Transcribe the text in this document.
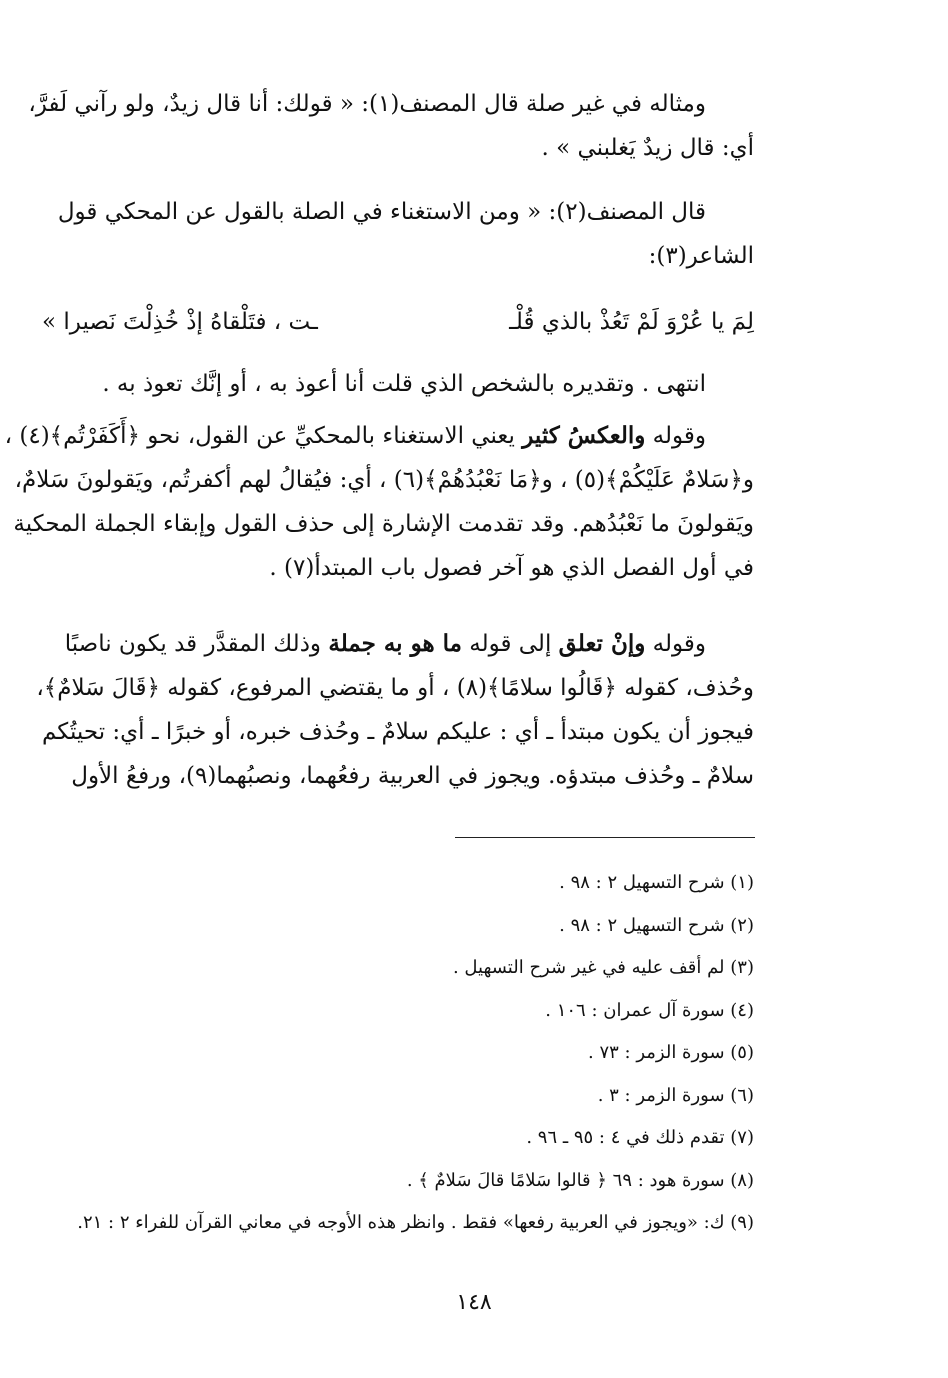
ومثاله في غير صلة قال المصنف(١): « قولك: أنا قال زيدٌ، ولو رآني لَفرَّ،
أي: قال زيدٌ يَغلبني » .
قال المصنف(٢): « ومن الاستغناء في الصلة بالقول عن المحكي قول
الشاعر(٣):
لِمَ يا عُرْوَ لَمْ تَعُذْ بالذي قُلْـ
ـت ، فتَلْقاهُ إذْ خُذِلْتَ نَصيرا »
انتهى . وتقديره بالشخص الذي قلت أنا أعوذ به ، أو إنَّك تعوذ به .
وقوله والعكسُ كثير يعني الاستغناء بالمحكيِّ عن القول، نحو ﴿أَكَفَرْتُم﴾(٤) ،
و﴿سَلامٌ عَلَيْكُمْ﴾(٥) ، و﴿مَا نَعْبُدُهُمْ﴾(٦) ، أي: فيُقالُ لهم أكفرتُم، ويَقولونَ سَلامٌ،
ويَقولونَ ما نَعْبُدُهم. وقد تقدمت الإشارة إلى حذف القول وإبقاء الجملة المحكية
في أول الفصل الذي هو آخر فصول باب المبتدأ(٧) .
وقوله وإنْ تعلق إلى قوله ما هو به جملة وذلك المقدَّر قد يكون ناصبًا
وحُذف، كقوله ﴿قَالُوا سلامًا﴾(٨) ، أو ما يقتضي المرفوع، كقوله ﴿قَالَ سَلامٌ﴾،
فيجوز أن يكون مبتدأ ـ أي : عليكم سلامٌ ـ وحُذف خبره، أو خبرًا ـ أي: تحيتُكم
سلامٌ ـ وحُذف مبتدؤه. ويجوز في العربية رفعُهما، ونصبُهما(٩)، ورفعُ الأول
(١) شرح التسهيل ٢ : ٩٨ .
(٢) شرح التسهيل ٢ : ٩٨ .
(٣) لم أقف عليه في غير شرح التسهيل .
(٤) سورة آل عمران : ١٠٦ .
(٥) سورة الزمر : ٧٣ .
(٦) سورة الزمر : ٣ .
(٧) تقدم ذلك في ٤ : ٩٥ ـ ٩٦ .
(٨) سورة هود : ٦٩ ﴿ قالوا سَلامًا قالَ سَلامٌ ﴾ .
(٩) ك: «ويجوز في العربية رفعها» فقط . وانظر هذه الأوجه في معاني القرآن للفراء ٢ : ٢١.
١٤٨
